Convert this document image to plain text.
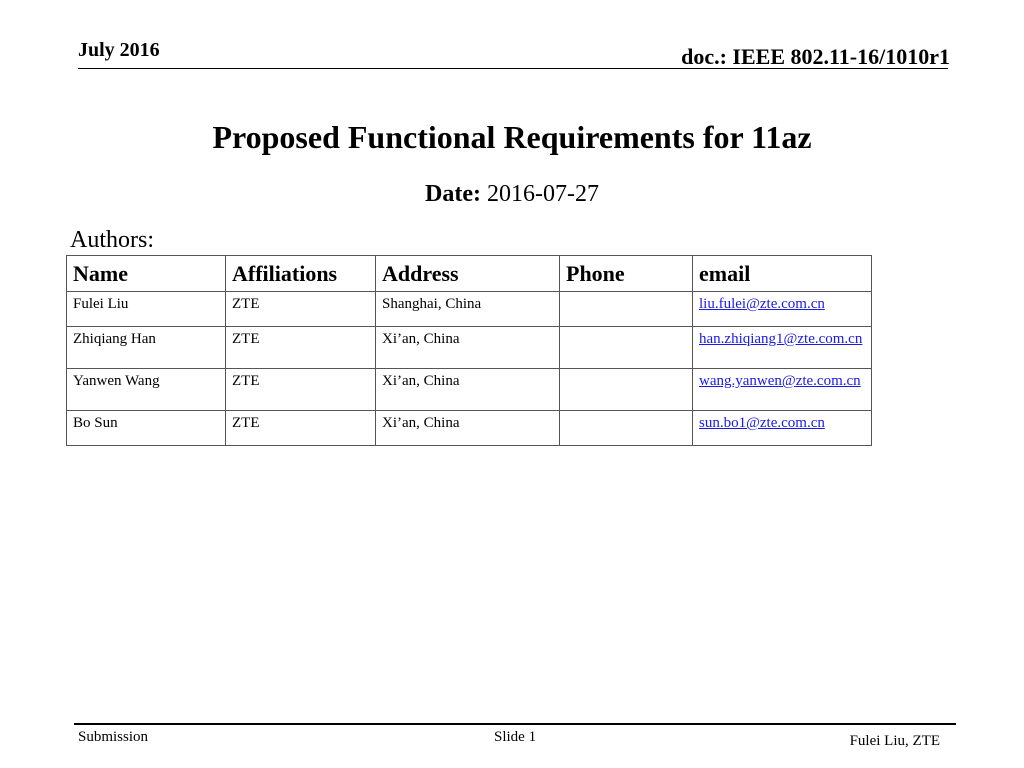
July 2016	doc.: IEEE 802.11-16/1010r1
Proposed Functional Requirements for 11az
Date: 2016-07-27
Authors:
Name	Affiliations	Address	Phone	email
Fulei Liu	ZTE	Shanghai, China		liu.fulei@zte.com.cn
Zhiqiang Han	ZTE	Xi’an, China		han.zhiqiang1@zte.com.cn
Yanwen Wang	ZTE	Xi’an, China		wang.yanwen@zte.com.cn
Bo Sun	ZTE	Xi’an, China		sun.bo1@zte.com.cn
Submission	Slide 1	Fulei Liu, ZTE
